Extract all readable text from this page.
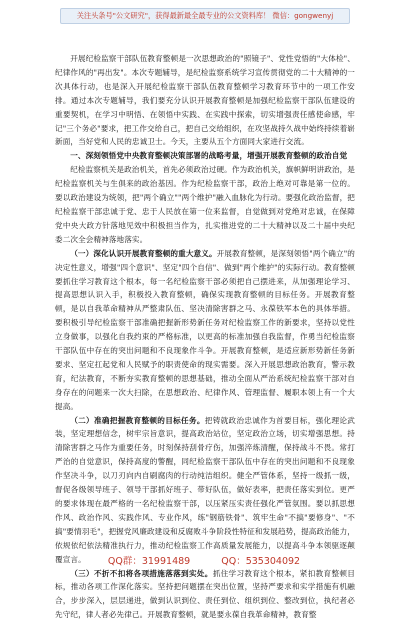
关注头条号"公文研究"，获得最新最全最专业的公文资料库！ 微信：gongwenyj

开展纪检监察干部队伍教育整顿是一次思想政治的"照镜子"、党性党悟的"大体检"、纪律作风的"再出发"。本次专题辅导，是纪检监察系统学习宣传贯彻党的二十大精神的一次具体行动，也是深入开展纪检监察干部队伍教育整顿学习教育环节中的一项工作安排。通过本次专题辅导，我们要充分认识开展教育整顿是加强纪检监察干部队伍建设的重要契机，在学习中明悟、在领悟中实践、在实践中探索，切实增强责任感使命感，牢记"三个务必"要求，把工作交给自己，把自己交给组织，在攻坚战持久战中始终持续着崭新面，当好党和人民的忠诚卫士。今天，主要从五个方面同大家进行交流。

一、深刻领悟党中央教育整顿决策部署的战略考量，增强开展教育整顿的政治自觉

纪检监察机关是政治机关，首先必须政治过硬。作为政治机关，旗帜鲜明讲政治，是纪检监察机关与生俱来的政治基因。作为纪检监察干部，政治上绝对可靠是第一位的。要以政治建设为统领，把"两个确立""两个维护"融入血脉化为行动。要强化政治监督，把纪检监察干部忠诚于党、忠于人民放在第一位来监督，自觉做到对党绝对忠诚，在保障党中央大政方针落地见效中积极担当作为，扎实推进党的二十大精神以及二十届中央纪委二次全会精神落地落实。

（一）深化认识开展教育整顿的重大意义。开展教育整顿，是深刻领悟"两个确立"的决定性意义，增强"四个意识"、坚定"四个自信"、做到"两个维护"的实际行动。教育整顿要抓住学习教育这个根本，每一名纪检监察干部必须把自己摆进来，从加强理论学习、提高思想认识入手，积极投入教育整顿，确保实现教育整顿的目标任务。开展教育整顿，是以自我革命精神从严整肃队伍、坚决清除害群之马、永葆铁军本色的具体举措。要积极引导纪检监察干部准确把握新形势新任务对纪检监察工作的新要求，坚持以党性立身做事，以强化自我约束的严格标准，以更高的标准加强自我监督，作勇当纪检监察干部队伍中存在的突出问题和不良现象作斗争。开展教育整顿，是适应新形势新任务新要求、坚定扛起党和人民赋予的职责使命的现实需要。深入开展思想政治教育，警示教育，纪法教育，不断夯实教育整顿的思想基础，推动全面从严治系统纪检监察干部对自身存在的问题来一次大扫除，在思想政治、纪律作风、管理监督、履职本领上有一个大提高。

（二）准确把握教育整顿的目标任务。把铸就政治忠诚作为首要目标，强化理论武装，坚定理想信念，树牢宗旨意识，提高政治站位，坚定政治立场，切实增强思想。持清除害群之马作为重要任务，时刻保持刮骨疗伤，加强淬炼清醒，保持战斗不畏。常打严治的自觉意识，保持高度的警醒，同纪检监察干部队伍中存在的突出问题和不良现象作坚决斗争，以刀刃向内自刷腐肉的行动纯洁组织。健全严管体系，坚持一级抓一级，督促各级领导班子、领导干部抓好班子、带好队伍，做好表率，把责任落实到位。更严的要求体现在最严格的一名纪检监察干部，以压紧压实责任强化严管氛围。要以抓思想作风、政治作风、实践作风、专业作风，练"钢筋铁骨"、筑牢生命"不搞"要修身"、"不搞"要情羽毛"，把握党风廉政建设和反腐败斗争阶段性特征和发展趋势，提高政治能力，依规依纪依法精准执行力，推动纪检监察工作高质量发展能力，以提高斗争本领驱逐颠覆宣言。

（三）不折不扣将各项措施落落到实处。抓住学习教育这个根本，紧扣教育整顿目标，推动各项工作深化落实。坚持把问题摆在突出位置，坚持严要求和实学措施有机融合，步步深入，层层递进，做到认识到位、责任到位、组织到位、整改到位，执纪者必先守纪，律人者必先律己。开展教育整顿，就是要永葆自我革命精神，教育整

QQ群：31991489	QQ：535304092
